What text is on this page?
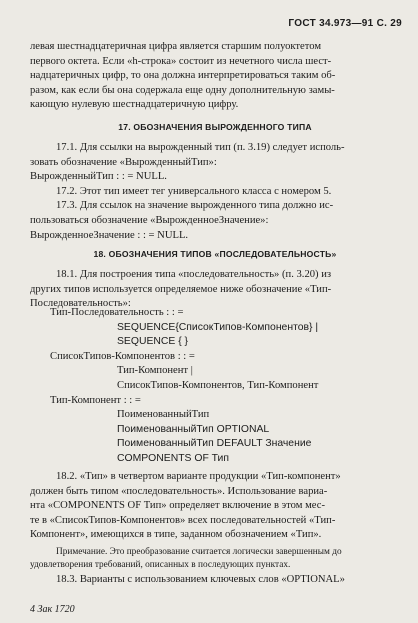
ГОСТ 34.973—91 С. 29

левая шестнадцатеричная цифра является старшим полуоктетом

первого октета. Если «h-строка» состоит из нечетного числа шест-

надцатеричных цифр, то она должна интерпретироваться таким об-

разом, как если бы она содержала еще одну дополнительную замы-

кающую нулевую шестнадцатеричную цифру.

17. ОБОЗНАЧЕНИЯ ВЫРОЖДЕННОГО ТИПА

17.1. Для ссылки на вырожденный тип (п. 3.19) следует исполь-

зовать обозначение «ВырожденныйТип»:

ВырожденныйТип : : = NULL.

17.2. Этот тип имеет тег универсального класса с номером 5.

17.3. Для ссылок на значение вырожденного типа должно ис-

пользоваться обозначение «ВырожденноеЗначение»:

ВырожденноеЗначение : : = NULL.

18. ОБОЗНАЧЕНИЯ ТИПОВ «ПОСЛЕДОВАТЕЛЬНОСТЬ»

18.1. Для построения типа «последовательность» (п. 3.20) из

других типов используется определяемое ниже обозначение «Тип-

Последовательность»:

Тип-Последовательность : : =

SEQUENCE{СписокТипов-Компонентов} |

SEQUENCE { }

СписокТипов-Компонентов : : =

Тип-Компонент |

СписокТипов-Компонентов, Тип-Компонент

Тип-Компонент : : =

ПоименованныйТип

ПоименованныйТип OPTIONAL

ПоименованныйТип DEFAULT Значение

COMPONENTS OF Тип

18.2. «Тип» в четвертом варианте продукции «Тип-компонент»

должен быть типом «последовательность». Использование вариа-

нта «COMPONENTS OF Тип» определяет включение в этом мес-

те в «СписокТипов-Компонентов» всех последовательностей «Тип-

Компонент», имеющихся в типе, заданном обозначением «Тип».

Примечание. Это преобразование считается логически завершенным до

удовлетворения требований, описанных в последующих пунктах.

18.3. Варианты с использованием ключевых слов «OPTIONAL»

4 Зак 1720
